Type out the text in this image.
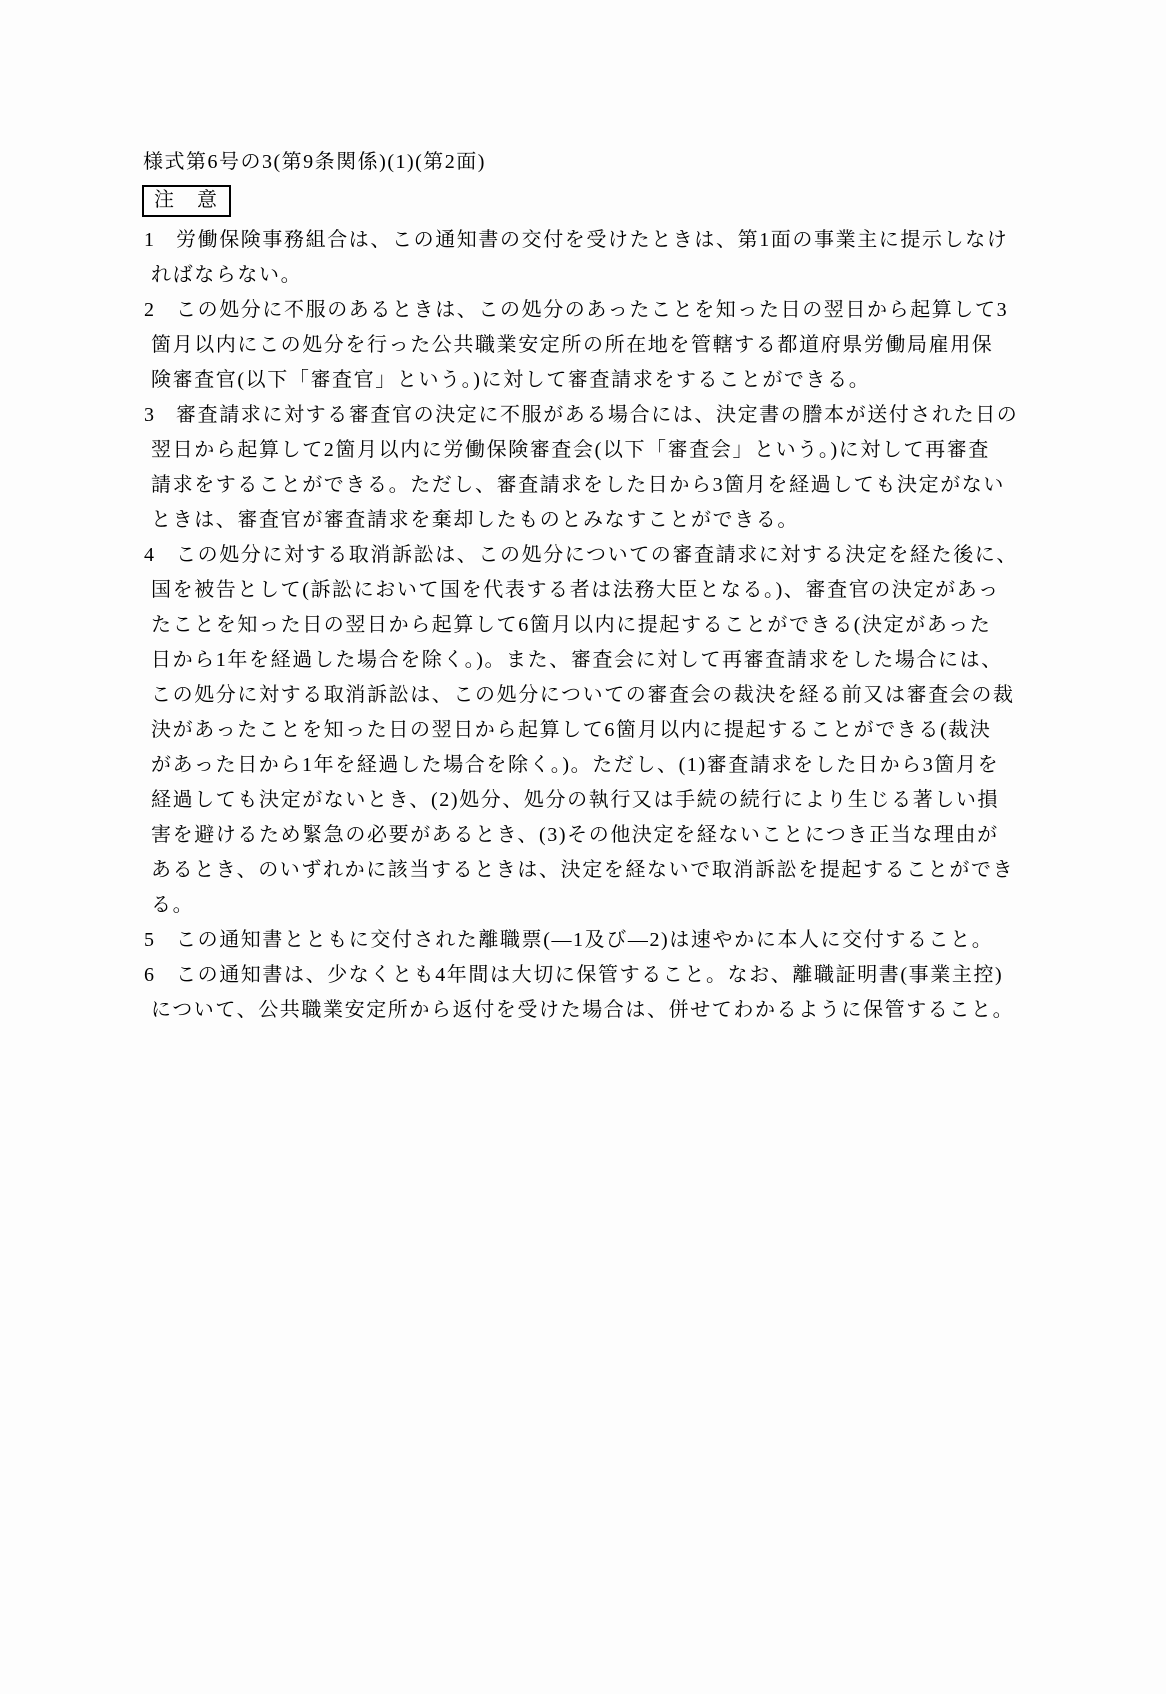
様式第6号の3(第9条関係)(1)(第2面)
注　意
1 労働保険事務組合は、この通知書の交付を受けたときは、第1面の事業主に提示しなけ
ればならない。
2 この処分に不服のあるときは、この処分のあったことを知った日の翌日から起算して3
箇月以内にこの処分を行った公共職業安定所の所在地を管轄する都道府県労働局雇用保
険審査官(以下「審査官」という。)に対して審査請求をすることができる。
3 審査請求に対する審査官の決定に不服がある場合には、決定書の謄本が送付された日の
翌日から起算して2箇月以内に労働保険審査会(以下「審査会」という。)に対して再審査
請求をすることができる。ただし、審査請求をした日から3箇月を経過しても決定がない
ときは、審査官が審査請求を棄却したものとみなすことができる。
4 この処分に対する取消訴訟は、この処分についての審査請求に対する決定を経た後に、
国を被告として(訴訟において国を代表する者は法務大臣となる。)、審査官の決定があっ
たことを知った日の翌日から起算して6箇月以内に提起することができる(決定があった
日から1年を経過した場合を除く。)。また、審査会に対して再審査請求をした場合には、
この処分に対する取消訴訟は、この処分についての審査会の裁決を経る前又は審査会の裁
決があったことを知った日の翌日から起算して6箇月以内に提起することができる(裁決
があった日から1年を経過した場合を除く。)。ただし、(1)審査請求をした日から3箇月を
経過しても決定がないとき、(2)処分、処分の執行又は手続の続行により生じる著しい損
害を避けるため緊急の必要があるとき、(3)その他決定を経ないことにつき正当な理由が
あるとき、のいずれかに該当するときは、決定を経ないで取消訴訟を提起することができ
る。
5 この通知書とともに交付された離職票(―1及び―2)は速やかに本人に交付すること。
6 この通知書は、少なくとも4年間は大切に保管すること。なお、離職証明書(事業主控)
について、公共職業安定所から返付を受けた場合は、併せてわかるように保管すること。
